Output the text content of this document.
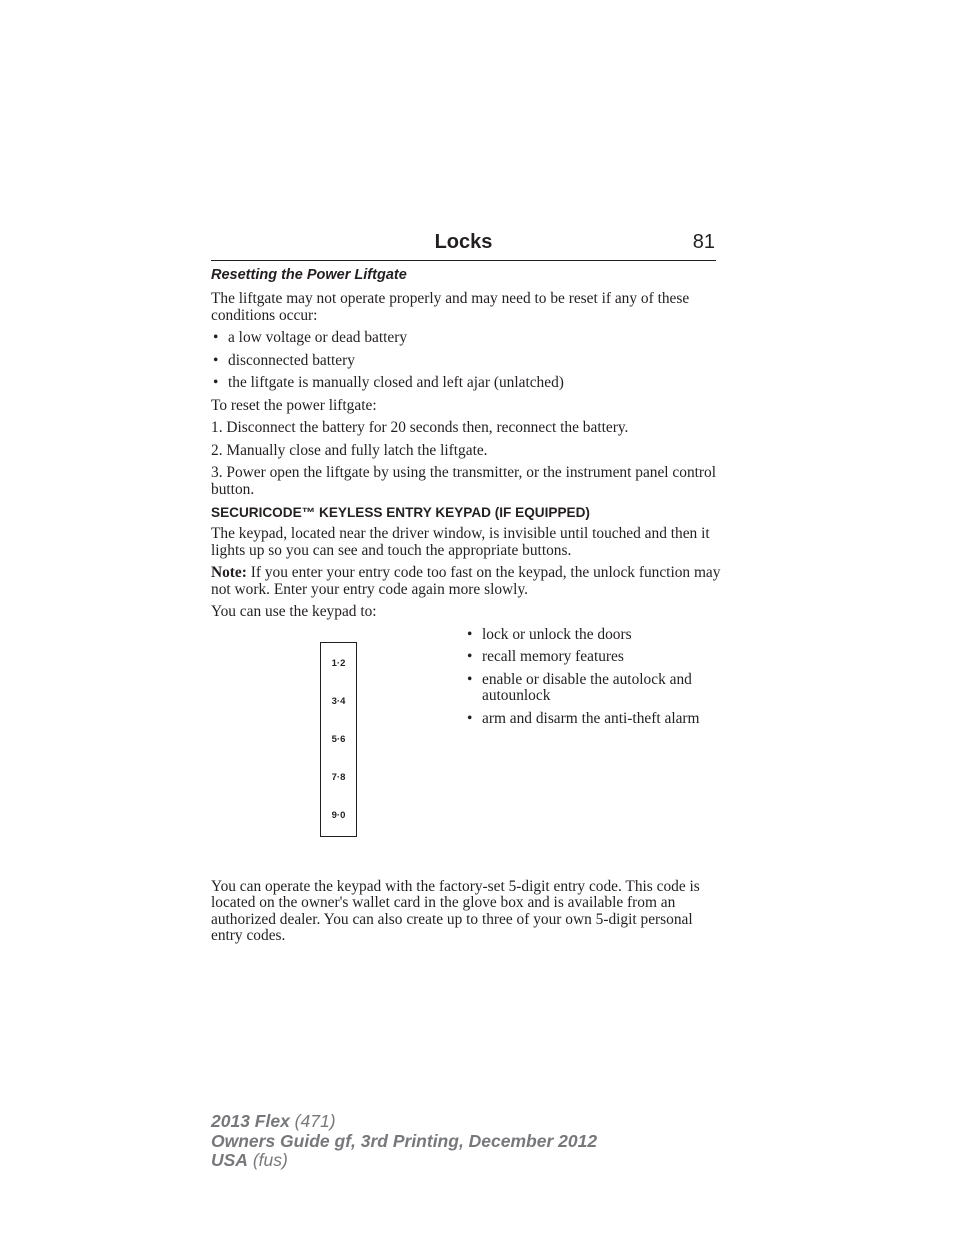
Locks	81
Resetting the Power Liftgate

The liftgate may not operate properly and may need to be reset if any of these conditions occur:

• a low voltage or dead battery
• disconnected battery
• the liftgate is manually closed and left ajar (unlatched)

To reset the power liftgate:

1. Disconnect the battery for 20 seconds then, reconnect the battery.

2. Manually close and fully latch the liftgate.

3. Power open the liftgate by using the transmitter, or the instrument panel control button.

SECURICODE™ KEYLESS ENTRY KEYPAD (IF EQUIPPED)

The keypad, located near the driver window, is invisible until touched and then it lights up so you can see and touch the appropriate buttons.

Note: If you enter your entry code too fast on the keypad, the unlock function may not work. Enter your entry code again more slowly.

You can use the keypad to:

1·2
3·4
5·6
7·8
9·0
• lock or unlock the doors
• recall memory features
• enable or disable the autolock and autounlock
• arm and disarm the anti-theft alarm

You can operate the keypad with the factory-set 5-digit entry code. This code is located on the owner's wallet card in the glove box and is available from an authorized dealer. You can also create up to three of your own 5-digit personal entry codes.

2013 Flex (471)
Owners Guide gf, 3rd Printing, December 2012
USA (fus)
